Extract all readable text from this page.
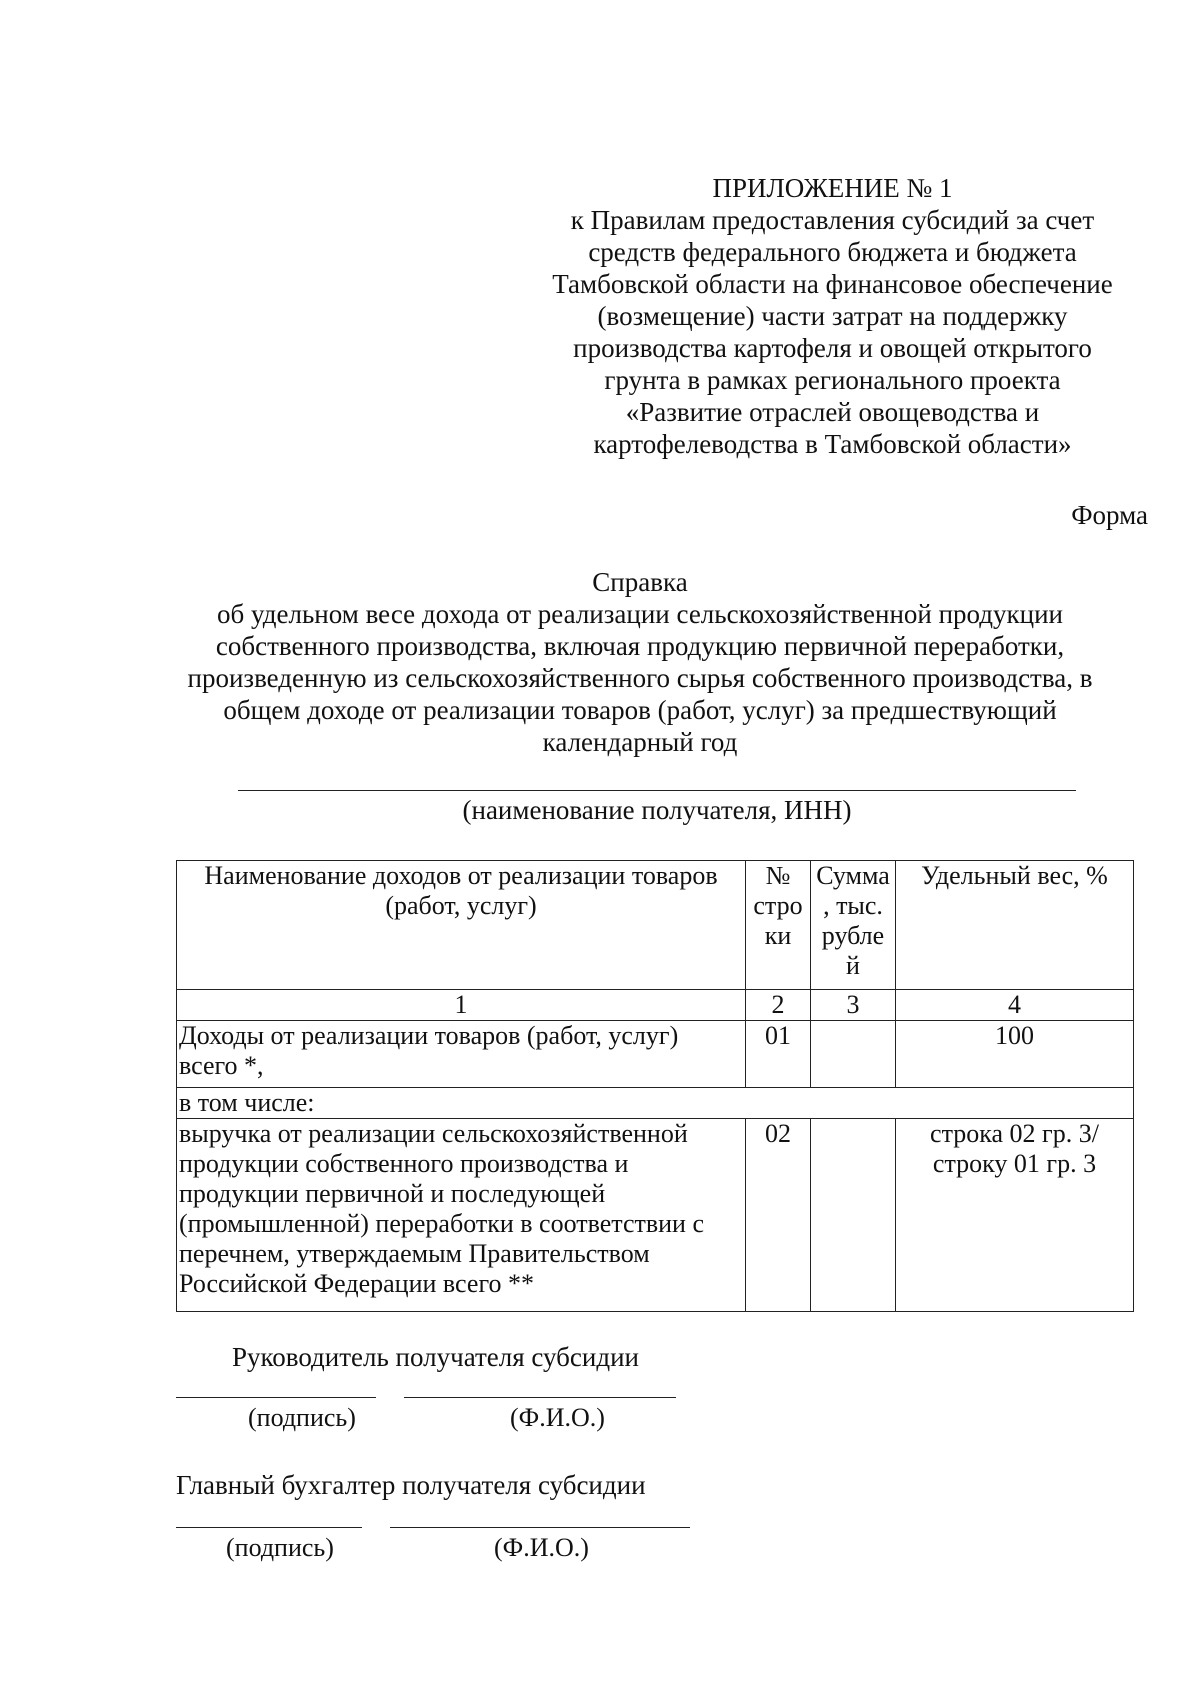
ПРИЛОЖЕНИЕ № 1
к Правилам предоставления субсидий за счет
средств федерального бюджета и бюджета
Тамбовской области на финансовое обеспечение
(возмещение) части затрат на поддержку
производства картофеля и овощей открытого
грунта в рамках регионального проекта
«Развитие отраслей овощеводства и
картофелеводства в Тамбовской области»
Форма
Справка
об удельном весе дохода от реализации сельскохозяйственной продукции
собственного производства, включая продукцию первичной переработки,
произведенную из сельскохозяйственного сырья собственного производства, в
общем доходе от реализации товаров (работ, услуг) за предшествующий
календарный год
(наименование получателя, ИНН)
Наименование доходов от реализации товаров (работ, услуг)	№ стро ки	Сумма , тыс. рубле й	Удельный вес, %
1	2	3	4
Доходы от реализации товаров (работ, услуг) всего *,	01		100
в том числе:			
выручка от реализации сельскохозяйственной продукции собственного производства и продукции первичной и последующей (промышленной) переработки в соответствии с перечнем, утверждаемым Правительством Российской Федерации всего **	02		строка 02 гр. 3/ строку 01 гр. 3
Руководитель получателя субсидии
(подпись)	(Ф.И.О.)
Главный бухгалтер получателя субсидии
(подпись)	(Ф.И.О.)
